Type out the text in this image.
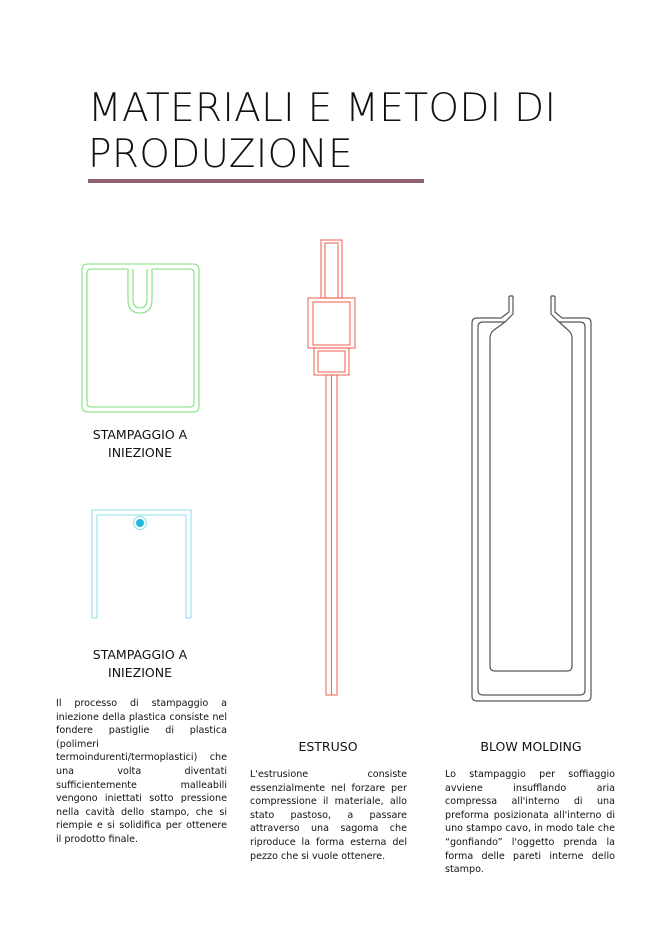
MATERIALI E METODI DI
PRODUZIONE
STAMPAGGIO A
INIEZIONE
STAMPAGGIO A
INIEZIONE
ESTRUSO	BLOW MOLDING

Il processo di stampaggio a iniezione della plastica consiste nel fondere pastiglie di plastica (polimeri termoindurenti/termoplastici) che una volta diventati sufficientemente malleabili vengono iniettati sotto pressione nella cavità dello stampo, che si riempie e si solidifica per ottenere il prodotto finale.

L'estrusione consiste essenzialmente nel forzare per compressione il materiale, allo stato pastoso, a passare attraverso una sagoma che riproduce la forma esterna del pezzo che si vuole ottenere.

Lo stampaggio per soffiaggio avviene insufflando aria compressa all'interno di una preforma posizionata all'interno di uno stampo cavo, in modo tale che “gonfiando” l'oggetto prenda la forma delle pareti interne dello stampo.
